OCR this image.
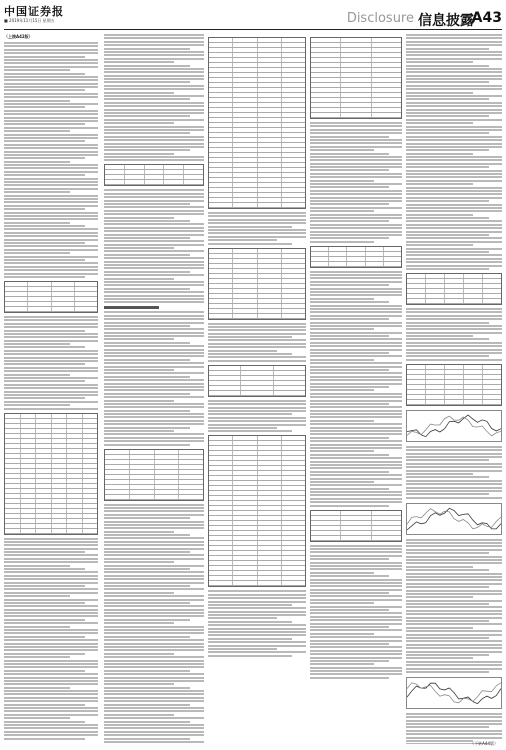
中国证券报
■ 2019年11月15日 星期五	Disclosure 信息披露
A43
（上接A42版）
（下转A44版）
